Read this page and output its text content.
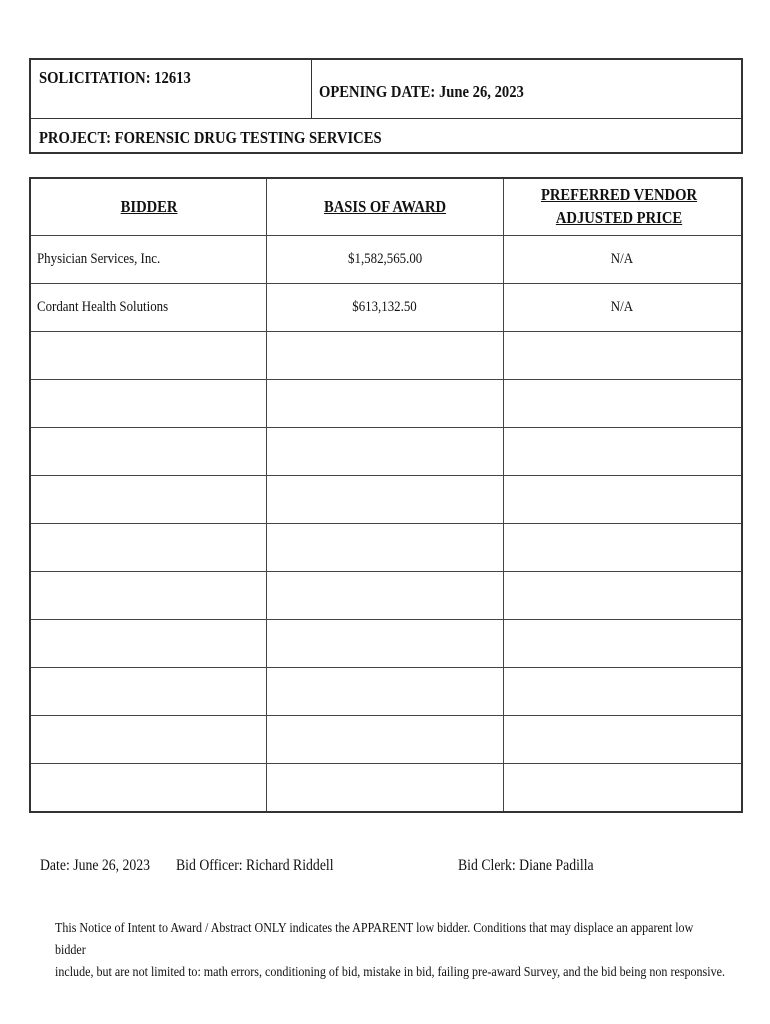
SOLICITATION: 12613
OPENING DATE: June 26, 2023
PROJECT: FORENSIC DRUG TESTING SERVICES
BIDDER	BASIS OF AWARD	PREFERRED VENDOR ADJUSTED PRICE
Physician Services, Inc.	$1,582,565.00	N/A
Cordant Health Solutions	$613,132.50	N/A

Date: June 26, 2023 Bid Officer: Richard Riddell	Bid Clerk: Diane Padilla
This Notice of Intent to Award / Abstract ONLY indicates the APPARENT low bidder. Conditions that may displace an apparent low bidder
include, but are not limited to: math errors, conditioning of bid, mistake in bid, failing pre-award Survey, and the bid being non responsive.
